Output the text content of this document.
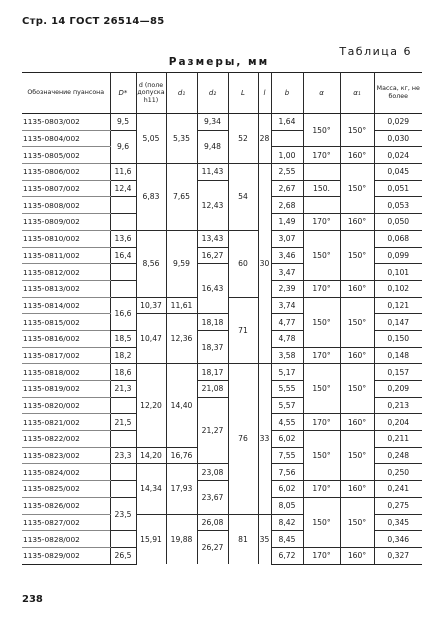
Стр. 14 ГОСТ 26514—85
Таблица 6
Размеры, мм
Обозначение пуансона	D*	d (поле допуска h11)	d₁	d₂	L	l	b	α	α₁	Масса, кг, не более
1135-0803/002	9,5	5,05	5,35	9,34	52	28	1,64	150°	150°	0,029
1135-0804/002	9,6			9,48						0,030
1135-0805/002							1,00	170°	160°	0,024
1135-0806/002	11,6	6,83	7,65	11,43	54	30	2,55		150°	0,045
1135-0807/002	12,4			12,43			2,67	150.		0,051
1135-0808/002							2,68			0,053
1135-0809/002							1,49	170°	160°	0,050
1135-0810/002	13,6	8,56	9,59	13,43	60		3,07	150°	150°	0,068
1135-0811/002	16,4			16,27			3,46			0,099
1135-0812/002				16,43			3,47			0,101
1135-0813/002							2,39	170°	160°	0,102
1135-0814/002	16,6	10,37	11,61		71		3,74	150°	150°	0,121
1135-0815/002		10,47	12,36	18,18			4,77			0,147
1135-0816/002	18,5			18,37			4,78			0,150
1135-0817/002	18,2						3,58	170°	160°	0,148
1135-0818/002	18,6	12,20	14,40	18,17	76	33	5,17	150°	150°	0,157
1135-0819/002	21,3			21,08			5,55			0,209
1135-0820/002				21,27			5,57			0,213
1135-0821/002	21,5						4,55	170°	160°	0,204
1135-0822/002							6,02	150°	150°	0,211
1135-0823/002	23,3	14,20	16,76				7,55			0,248
1135-0824/002		14,34	17,93	23,08			7,56			0,250
1135-0825/002				23,67			6,02	170°	160°	0,241
1135-0826/002	23,5						8,05	150°	150°	0,275
1135-0827/002		15,91	19,88	26,08	81	35	8,42			0,345
1135-0828/002				26,27			8,45			0,346
1135-0829/002	26,5						6,72	170°	160°	0,327
238
